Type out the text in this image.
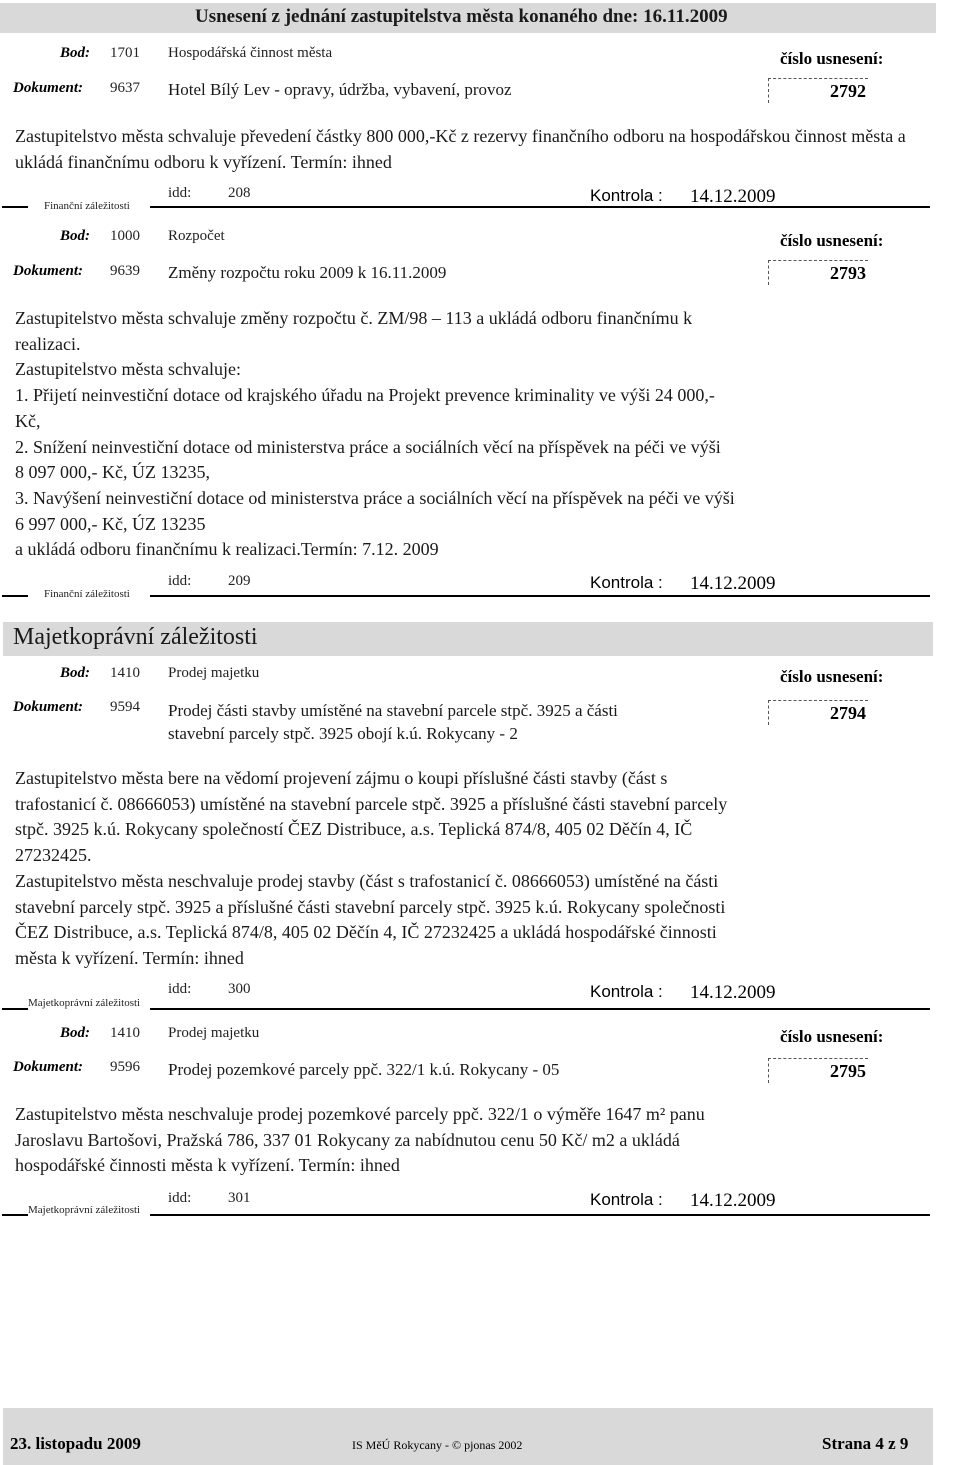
Usnesení z jednání zastupitelstva města konaného dne: 16.11.2009
Bod: 1701 Hospodářská činnost města	číslo usnesení:
Dokument: 9637 Hotel Bílý Lev - opravy, údržba, vybavení, provoz	2792
Zastupitelstvo města schvaluje převedení částky 800 000,-Kč z rezervy finančního odboru na hospodářskou činnost města a ukládá finančnímu odboru k vyřízení. Termín: ihned
Finanční záležitosti
idd: 208	Kontrola : 14.12.2009
Bod: 1000 Rozpočet	číslo usnesení:
Dokument: 9639 Změny rozpočtu roku 2009 k 16.11.2009	2793
Zastupitelstvo města schvaluje změny rozpočtu č. ZM/98 – 113 a ukládá odboru finančnímu k
realizaci.
Zastupitelstvo města schvaluje:
1. Přijetí neinvestiční dotace od krajského úřadu na Projekt prevence kriminality ve výši 24 000,-
Kč,
2. Snížení neinvestiční dotace od ministerstva práce a sociálních věcí na příspěvek na péči ve výši
8 097 000,- Kč, ÚZ 13235,
3. Navýšení neinvestiční dotace od ministerstva práce a sociálních věcí na příspěvek na péči ve výši
6 997 000,- Kč, ÚZ 13235
a ukládá odboru finančnímu k realizaci.Termín: 7.12. 2009
Finanční záležitosti
idd: 209	Kontrola : 14.12.2009
Majetkoprávní záležitosti
Bod: 1410 Prodej majetku	číslo usnesení:
Dokument: 9594 Prodej části stavby umístěné na stavební parcele stpč. 3925 a části
stavební parcely stpč. 3925 obojí k.ú. Rokycany - 2
2794
Zastupitelstvo města bere na vědomí projevení zájmu o koupi příslušné části stavby (část s
trafostanicí č. 08666053) umístěné na stavební parcele stpč. 3925 a příslušné části stavební parcely
stpč. 3925 k.ú. Rokycany společností ČEZ Distribuce, a.s. Teplická 874/8, 405 02 Děčín 4, IČ
27232425.
Zastupitelstvo města neschvaluje prodej stavby (část s trafostanicí č. 08666053) umístěné na části
stavební parcely stpč. 3925 a příslušné části stavební parcely stpč. 3925 k.ú. Rokycany společnosti
ČEZ Distribuce, a.s. Teplická 874/8, 405 02 Děčín 4, IČ 27232425 a ukládá hospodářské činnosti
města k vyřízení. Termín: ihned
Majetkoprávní záležitosti
idd: 300	Kontrola : 14.12.2009
Bod: 1410 Prodej majetku	číslo usnesení:
Dokument: 9596 Prodej pozemkové parcely ppč. 322/1 k.ú. Rokycany - 05	2795
Zastupitelstvo města neschvaluje prodej pozemkové parcely ppč. 322/1 o výměře 1647 m² panu
Jaroslavu Bartošovi, Pražská 786, 337 01 Rokycany za nabídnutou cenu 50 Kč/ m2 a ukládá
hospodářské činnosti města k vyřízení. Termín: ihned
Majetkoprávní záležitosti
idd: 301	Kontrola : 14.12.2009
23. listopadu 2009	IS MěÚ Rokycany - © pjonas 2002	Strana 4 z 9
